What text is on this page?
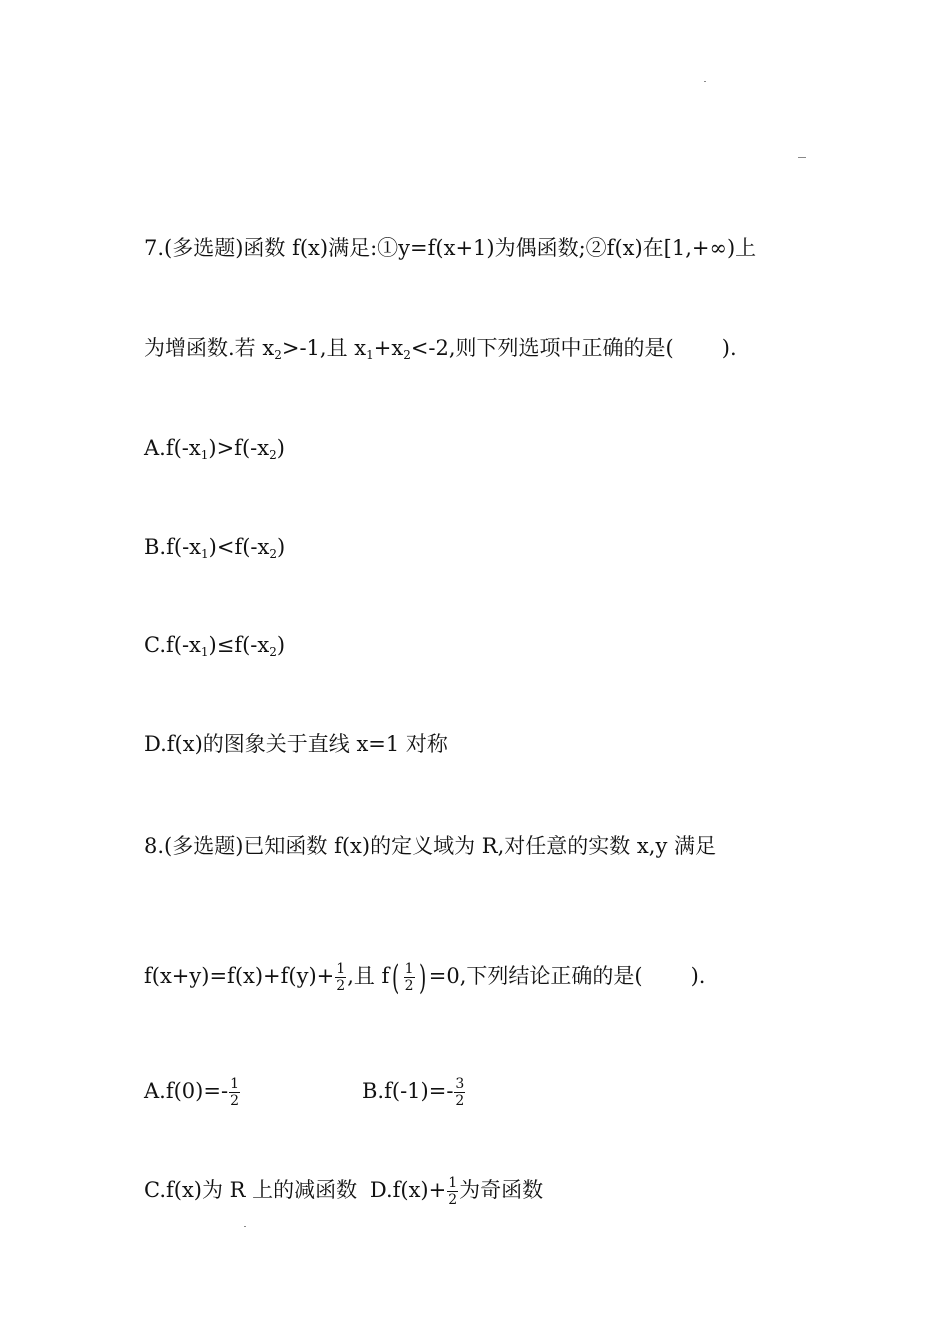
7.(多选题)函数 f(x)满足:①y=f(x+1)为偶函数;②f(x)在[1,+∞)上
为增函数.若 $x_2>-1$,且 $x_1+x_2<-2$,则下列选项中正确的是( ).
$A.f(-x_1)>f(-x_2)$
$B.f(-x_1)<f(-x_2)$
$C.f(-x_1)\le f(-x_2)$
D.f(x)的图象关于直线 x=1 对称
8.(多选题)已知函数 f(x)的定义域为 R,对任意的实数 x,y 满足
$f(x+y)=f(x)+f(y)+ \frac{1}{2}$ ,且 $f( \frac{1}{2}$ ) =0,下列结论正确的是( ).
$A.f(0)=- \frac{1}{2}$	$B.f(-1)=- \frac{3}{2}$
C.f(x)为 R 上的减函数 $D.f(x)+ \frac{1}{2}$ 为奇函数
